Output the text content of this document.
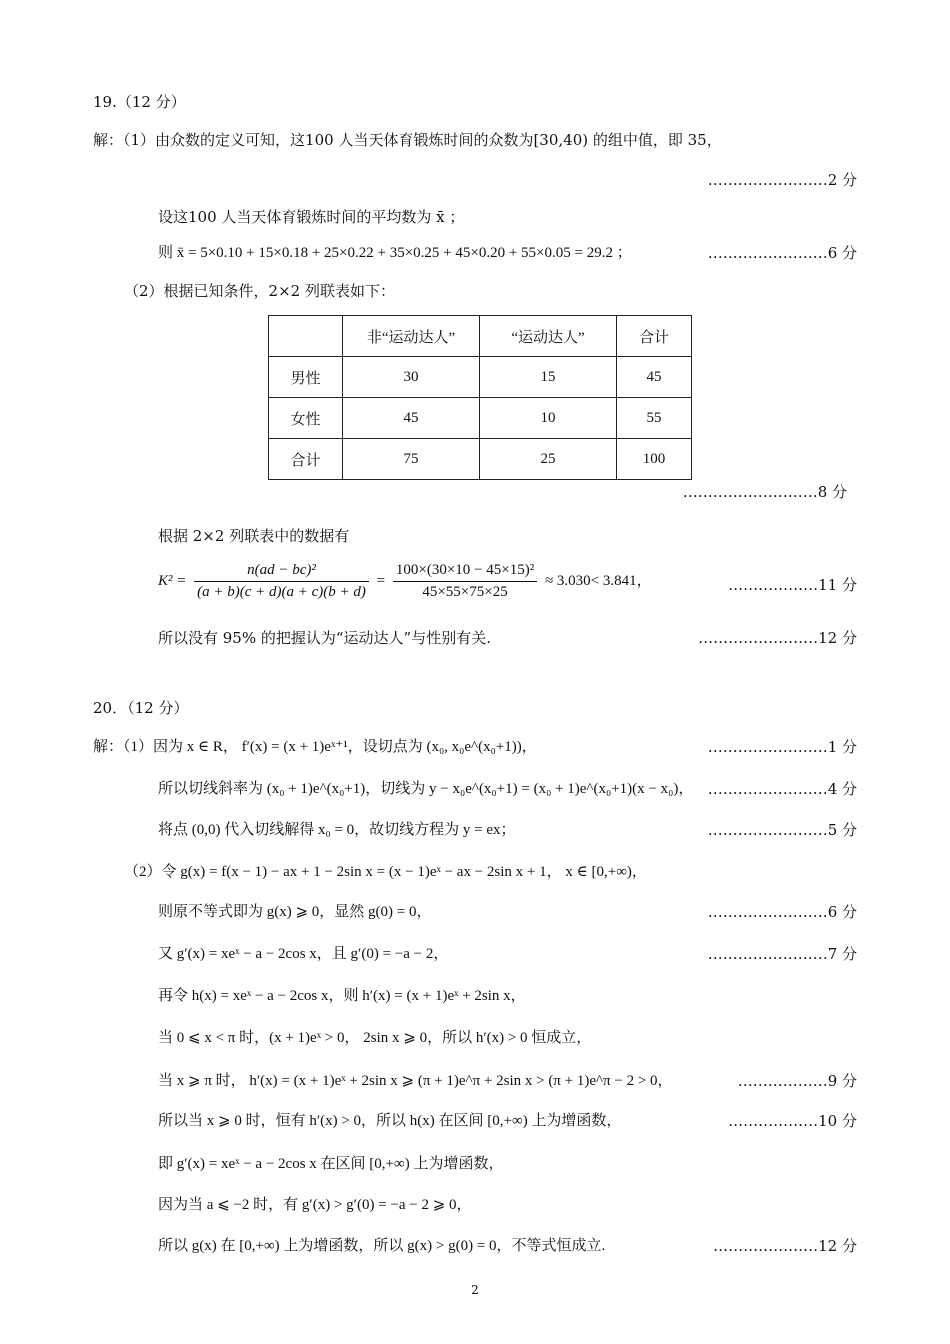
19.（12 分）
解：（1）由众数的定义可知，这100 人当天体育锻炼时间的众数为[30,40) 的组中值，即 35，
……………………2 分
设这100 人当天体育锻炼时间的平均数为 x̄ ；
则 x̄ = 5×0.10 + 15×0.18 + 25×0.22 + 35×0.25 + 45×0.20 + 55×0.05 = 29.2 ；	……………………6 分
（2）根据已知条件，2×2 列联表如下：
	非“运动达人”	“运动达人”	合计
男性	30	15	45
女性	45	10	55
合计	75	25	100
………………………8 分
根据 2×2 列联表中的数据有
$K^2 = \frac{\text{n(ad − bc)²}}{(a + b)(c + d)(a + c)(b + d)} = \frac{\text{100×(30×10 − 45×15)²}}{45\times 55\times 75\times 25} \approx 3.030< 3.841$，	………………11 分
所以没有 95% 的把握认为“运动达人”与性别有关.	……………………12 分
20．（12 分）
解：（1）因为 x ∈ R， f′(x) = (x + 1)eˣ⁺¹，设切点为 (x₀, x₀e^(x₀+1))，	……………………1 分
所以切线斜率为 (x₀ + 1)e^(x₀+1)，切线为 y − x₀e^(x₀+1) = (x₀ + 1)e^(x₀+1)(x − x₀)， ……………………4 分
将点 (0,0) 代入切线解得 x₀ = 0，故切线方程为 y = ex；	……………………5 分
（2）令 g(x) = f(x − 1) − ax + 1 − 2sin x = (x − 1)eˣ − ax − 2sin x + 1， x ∈ [0,+∞)，
则原不等式即为 g(x) ⩾ 0，显然 g(0) = 0，	……………………6 分
又 g′(x) = xeˣ − a − 2cos x，且 g′(0) = −a − 2，	……………………7 分
再令 h(x) = xeˣ − a − 2cos x，则 h′(x) = (x + 1)eˣ + 2sin x，
当 0 ⩽ x < π 时，(x + 1)eˣ > 0， 2sin x ⩾ 0，所以 h′(x) > 0 恒成立，
当 x ⩾ π 时， h′(x) = (x + 1)eˣ + 2sin x ⩾ (π + 1)e^π + 2sin x > (π + 1)e^π − 2 > 0，	………………9 分
所以当 x ⩾ 0 时，恒有 h′(x) > 0，所以 h(x) 在区间 [0,+∞) 上为增函数，	………………10 分
即 g′(x) = xeˣ − a − 2cos x 在区间 [0,+∞) 上为增函数，
因为当 a ⩽ −2 时，有 g′(x) > g′(0) = −a − 2 ⩾ 0，
所以 g(x) 在 [0,+∞) 上为增函数，所以 g(x) > g(0) = 0，不等式恒成立.	…………………12 分
2
